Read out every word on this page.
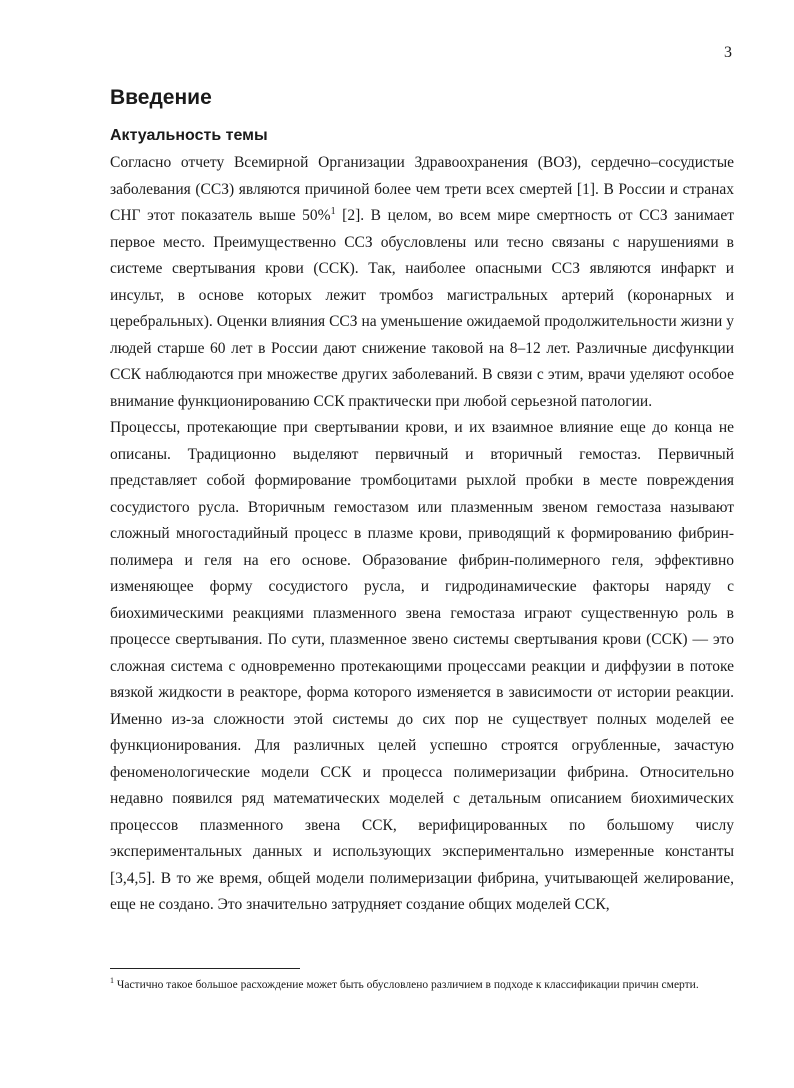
3
Введение
Актуальность темы

Согласно отчету Всемирной Организации Здравоохранения (ВОЗ), сердечно–сосудистые заболевания (ССЗ) являются причиной более чем трети всех смертей [1]. В России и странах СНГ этот показатель выше 50%$^1$ [2]. В целом, во всем мире смертность от ССЗ занимает первое место. Преимущественно ССЗ обусловлены или тесно связаны с нарушениями в системе свертывания крови (ССК). Так, наиболее опасными ССЗ являются инфаркт и инсульт, в основе которых лежит тромбоз магистральных артерий (коронарных и церебральных). Оценки влияния ССЗ на уменьшение ожидаемой продолжительности жизни у людей старше 60 лет в России дают снижение таковой на 8–12 лет. Различные дисфункции ССК наблюдаются при множестве других заболеваний. В связи с этим, врачи уделяют особое внимание функционированию ССК практически при любой серьезной патологии.

Процессы, протекающие при свертывании крови, и их взаимное влияние еще до конца не описаны. Традиционно выделяют первичный и вторичный гемостаз. Первичный представляет собой формирование тромбоцитами рыхлой пробки в месте повреждения сосудистого русла. Вторичным гемостазом или плазменным звеном гемостаза называют сложный многостадийный процесс в плазме крови, приводящий к формированию фибрин-полимера и геля на его основе. Образование фибрин-полимерного геля, эффективно изменяющее форму сосудистого русла, и гидродинамические факторы наряду с биохимическими реакциями плазменного звена гемостаза играют существенную роль в процессе свертывания. По сути, плазменное звено системы свертывания крови (ССК) — это сложная система с одновременно протекающими процессами реакции и диффузии в потоке вязкой жидкости в реакторе, форма которого изменяется в зависимости от истории реакции. Именно из-за сложности этой системы до сих пор не существует полных моделей ее функционирования. Для различных целей успешно строятся огрубленные, зачастую феноменологические модели ССК и процесса полимеризации фибрина. Относительно недавно появился ряд математических моделей с детальным описанием биохимических процессов плазменного звена ССК, верифицированных по большому числу экспериментальных данных и использующих экспериментально измеренные константы [3,4,5]. В то же время, общей модели полимеризации фибрина, учитывающей желирование, еще не создано. Это значительно затрудняет создание общих моделей ССК,

$^1$ Частично такое большое расхождение может быть обусловлено различием в подходе к классификации причин смерти.
